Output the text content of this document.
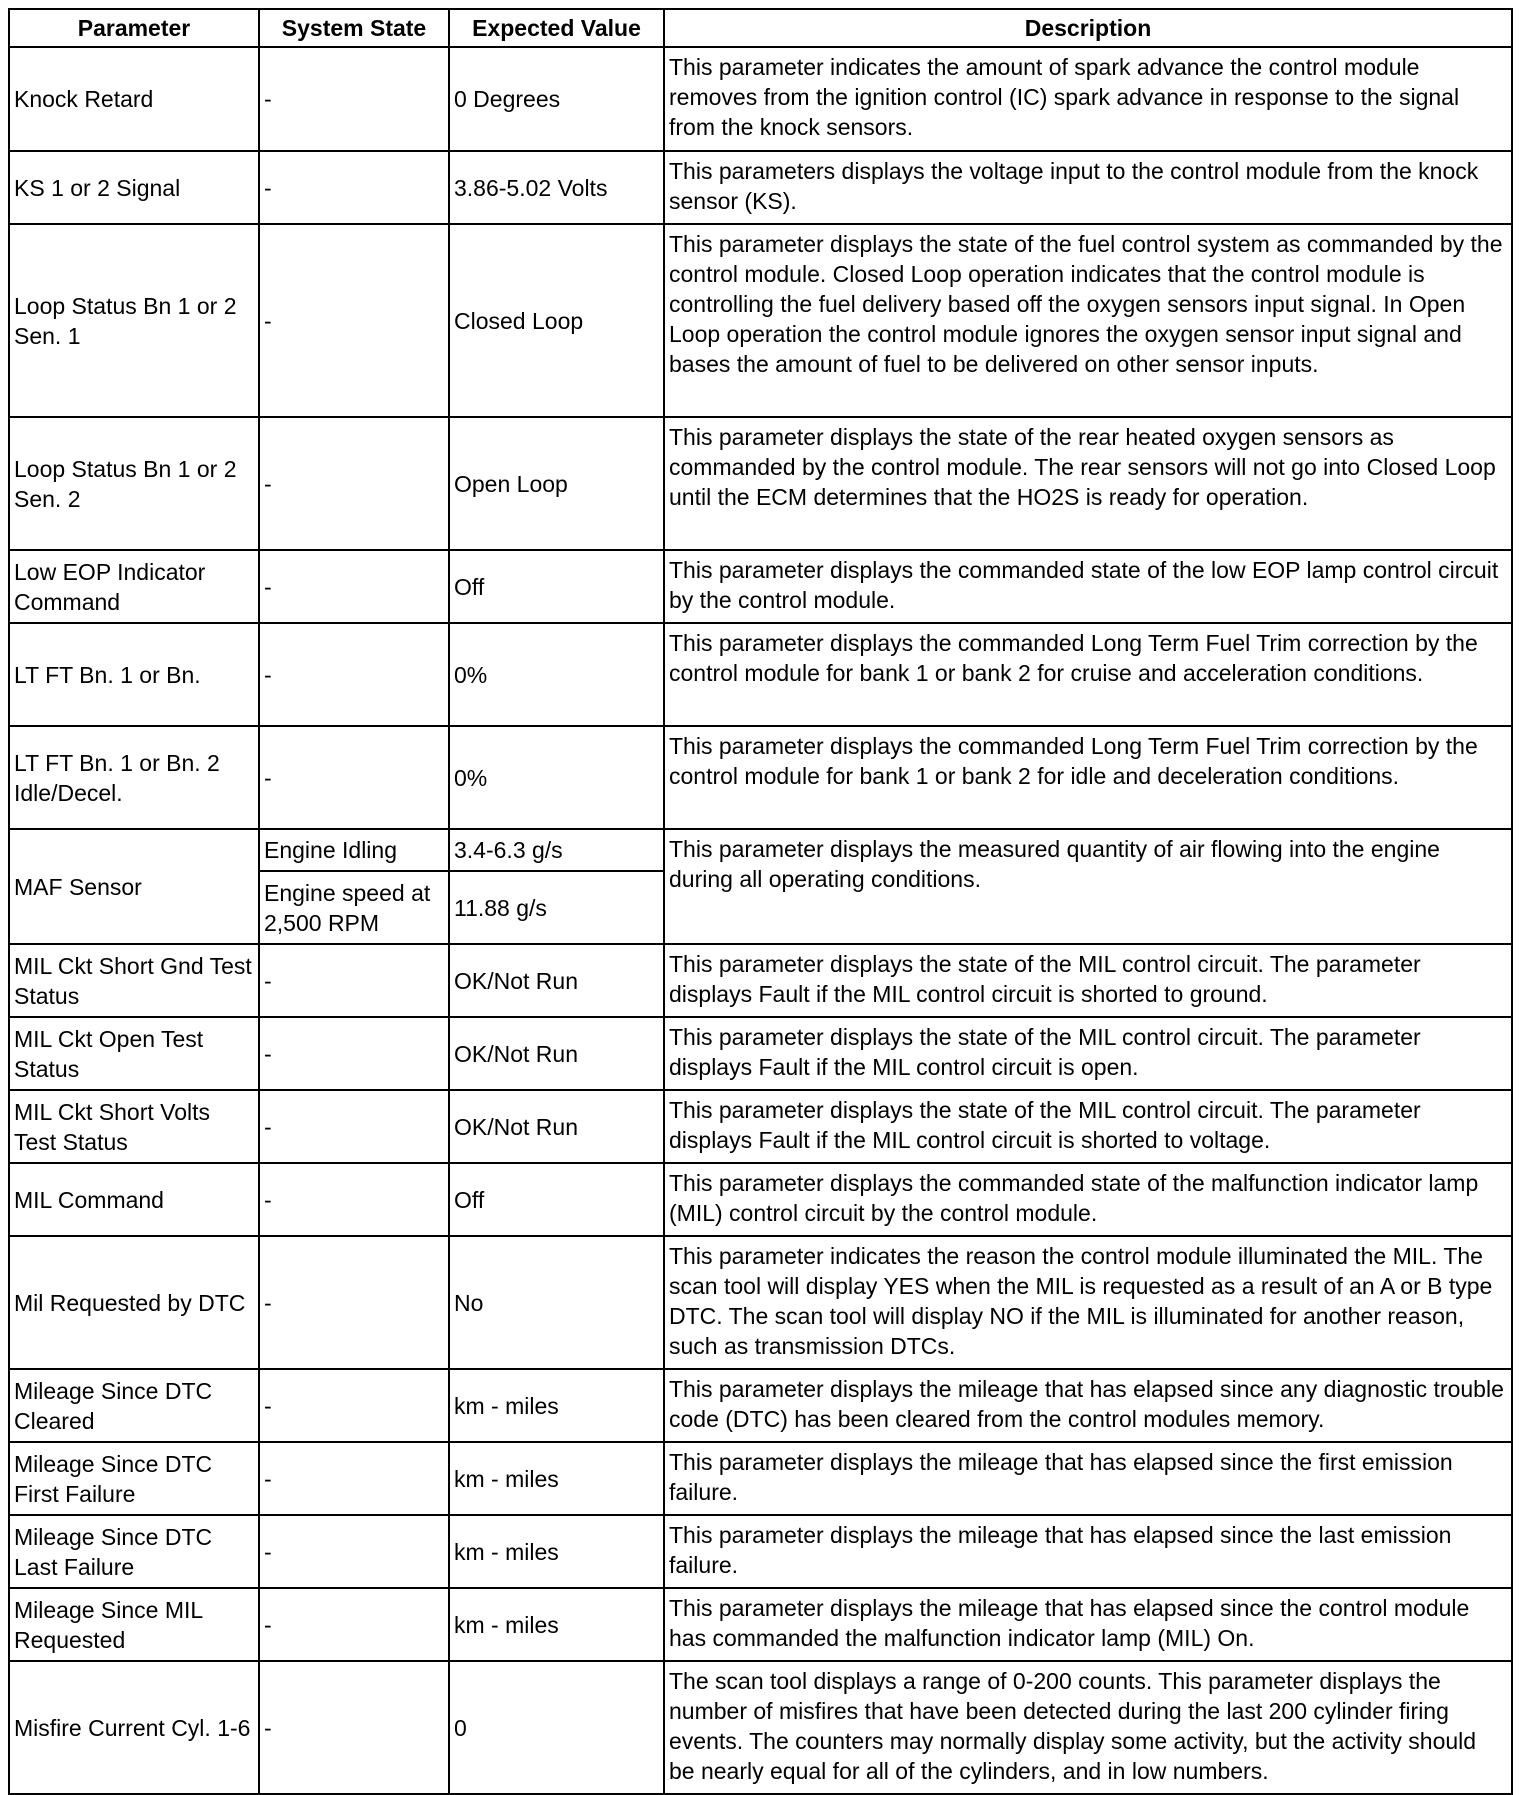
Parameter	System State	Expected Value	Description
Knock Retard	-	0 Degrees	This parameter indicates the amount of spark advance the control module removes from the ignition control (IC) spark advance in response to the signal from the knock sensors.
KS 1 or 2 Signal	-	3.86-5.02 Volts	This parameters displays the voltage input to the control module from the knock sensor (KS).
Loop Status Bn 1 or 2 Sen. 1	-	Closed Loop	This parameter displays the state of the fuel control system as commanded by the control module. Closed Loop operation indicates that the control module is controlling the fuel delivery based off the oxygen sensors input signal. In Open Loop operation the control module ignores the oxygen sensor input signal and bases the amount of fuel to be delivered on other sensor inputs.
Loop Status Bn 1 or 2 Sen. 2	-	Open Loop	This parameter displays the state of the rear heated oxygen sensors as commanded by the control module. The rear sensors will not go into Closed Loop until the ECM determines that the HO2S is ready for operation.
Low EOP Indicator Command	-	Off	This parameter displays the commanded state of the low EOP lamp control circuit by the control module.
LT FT Bn. 1 or Bn.	-	0%	This parameter displays the commanded Long Term Fuel Trim correction by the control module for bank 1 or bank 2 for cruise and acceleration conditions.
LT FT Bn. 1 or Bn. 2 Idle/Decel.	-	0%	This parameter displays the commanded Long Term Fuel Trim correction by the control module for bank 1 or bank 2 for idle and deceleration conditions.
MAF Sensor	Engine Idling	3.4-6.3 g/s	This parameter displays the measured quantity of air flowing into the engine during all operating conditions.
	Engine speed at 2,500 RPM	11.88 g/s	
MIL Ckt Short Gnd Test Status	-	OK/Not Run	This parameter displays the state of the MIL control circuit. The parameter displays Fault if the MIL control circuit is shorted to ground.
MIL Ckt Open Test Status	-	OK/Not Run	This parameter displays the state of the MIL control circuit. The parameter displays Fault if the MIL control circuit is open.
MIL Ckt Short Volts Test Status	-	OK/Not Run	This parameter displays the state of the MIL control circuit. The parameter displays Fault if the MIL control circuit is shorted to voltage.
MIL Command	-	Off	This parameter displays the commanded state of the malfunction indicator lamp (MIL) control circuit by the control module.
Mil Requested by DTC	-	No	This parameter indicates the reason the control module illuminated the MIL. The scan tool will display YES when the MIL is requested as a result of an A or B type DTC. The scan tool will display NO if the MIL is illuminated for another reason, such as transmission DTCs.
Mileage Since DTC Cleared	-	km - miles	This parameter displays the mileage that has elapsed since any diagnostic trouble code (DTC) has been cleared from the control modules memory.
Mileage Since DTC First Failure	-	km - miles	This parameter displays the mileage that has elapsed since the first emission failure.
Mileage Since DTC Last Failure	-	km - miles	This parameter displays the mileage that has elapsed since the last emission failure.
Mileage Since MIL Requested	-	km - miles	This parameter displays the mileage that has elapsed since the control module has commanded the malfunction indicator lamp (MIL) On.
Misfire Current Cyl. 1-6	-	0	The scan tool displays a range of 0-200 counts. This parameter displays the number of misfires that have been detected during the last 200 cylinder firing events. The counters may normally display some activity, but the activity should be nearly equal for all of the cylinders, and in low numbers.
